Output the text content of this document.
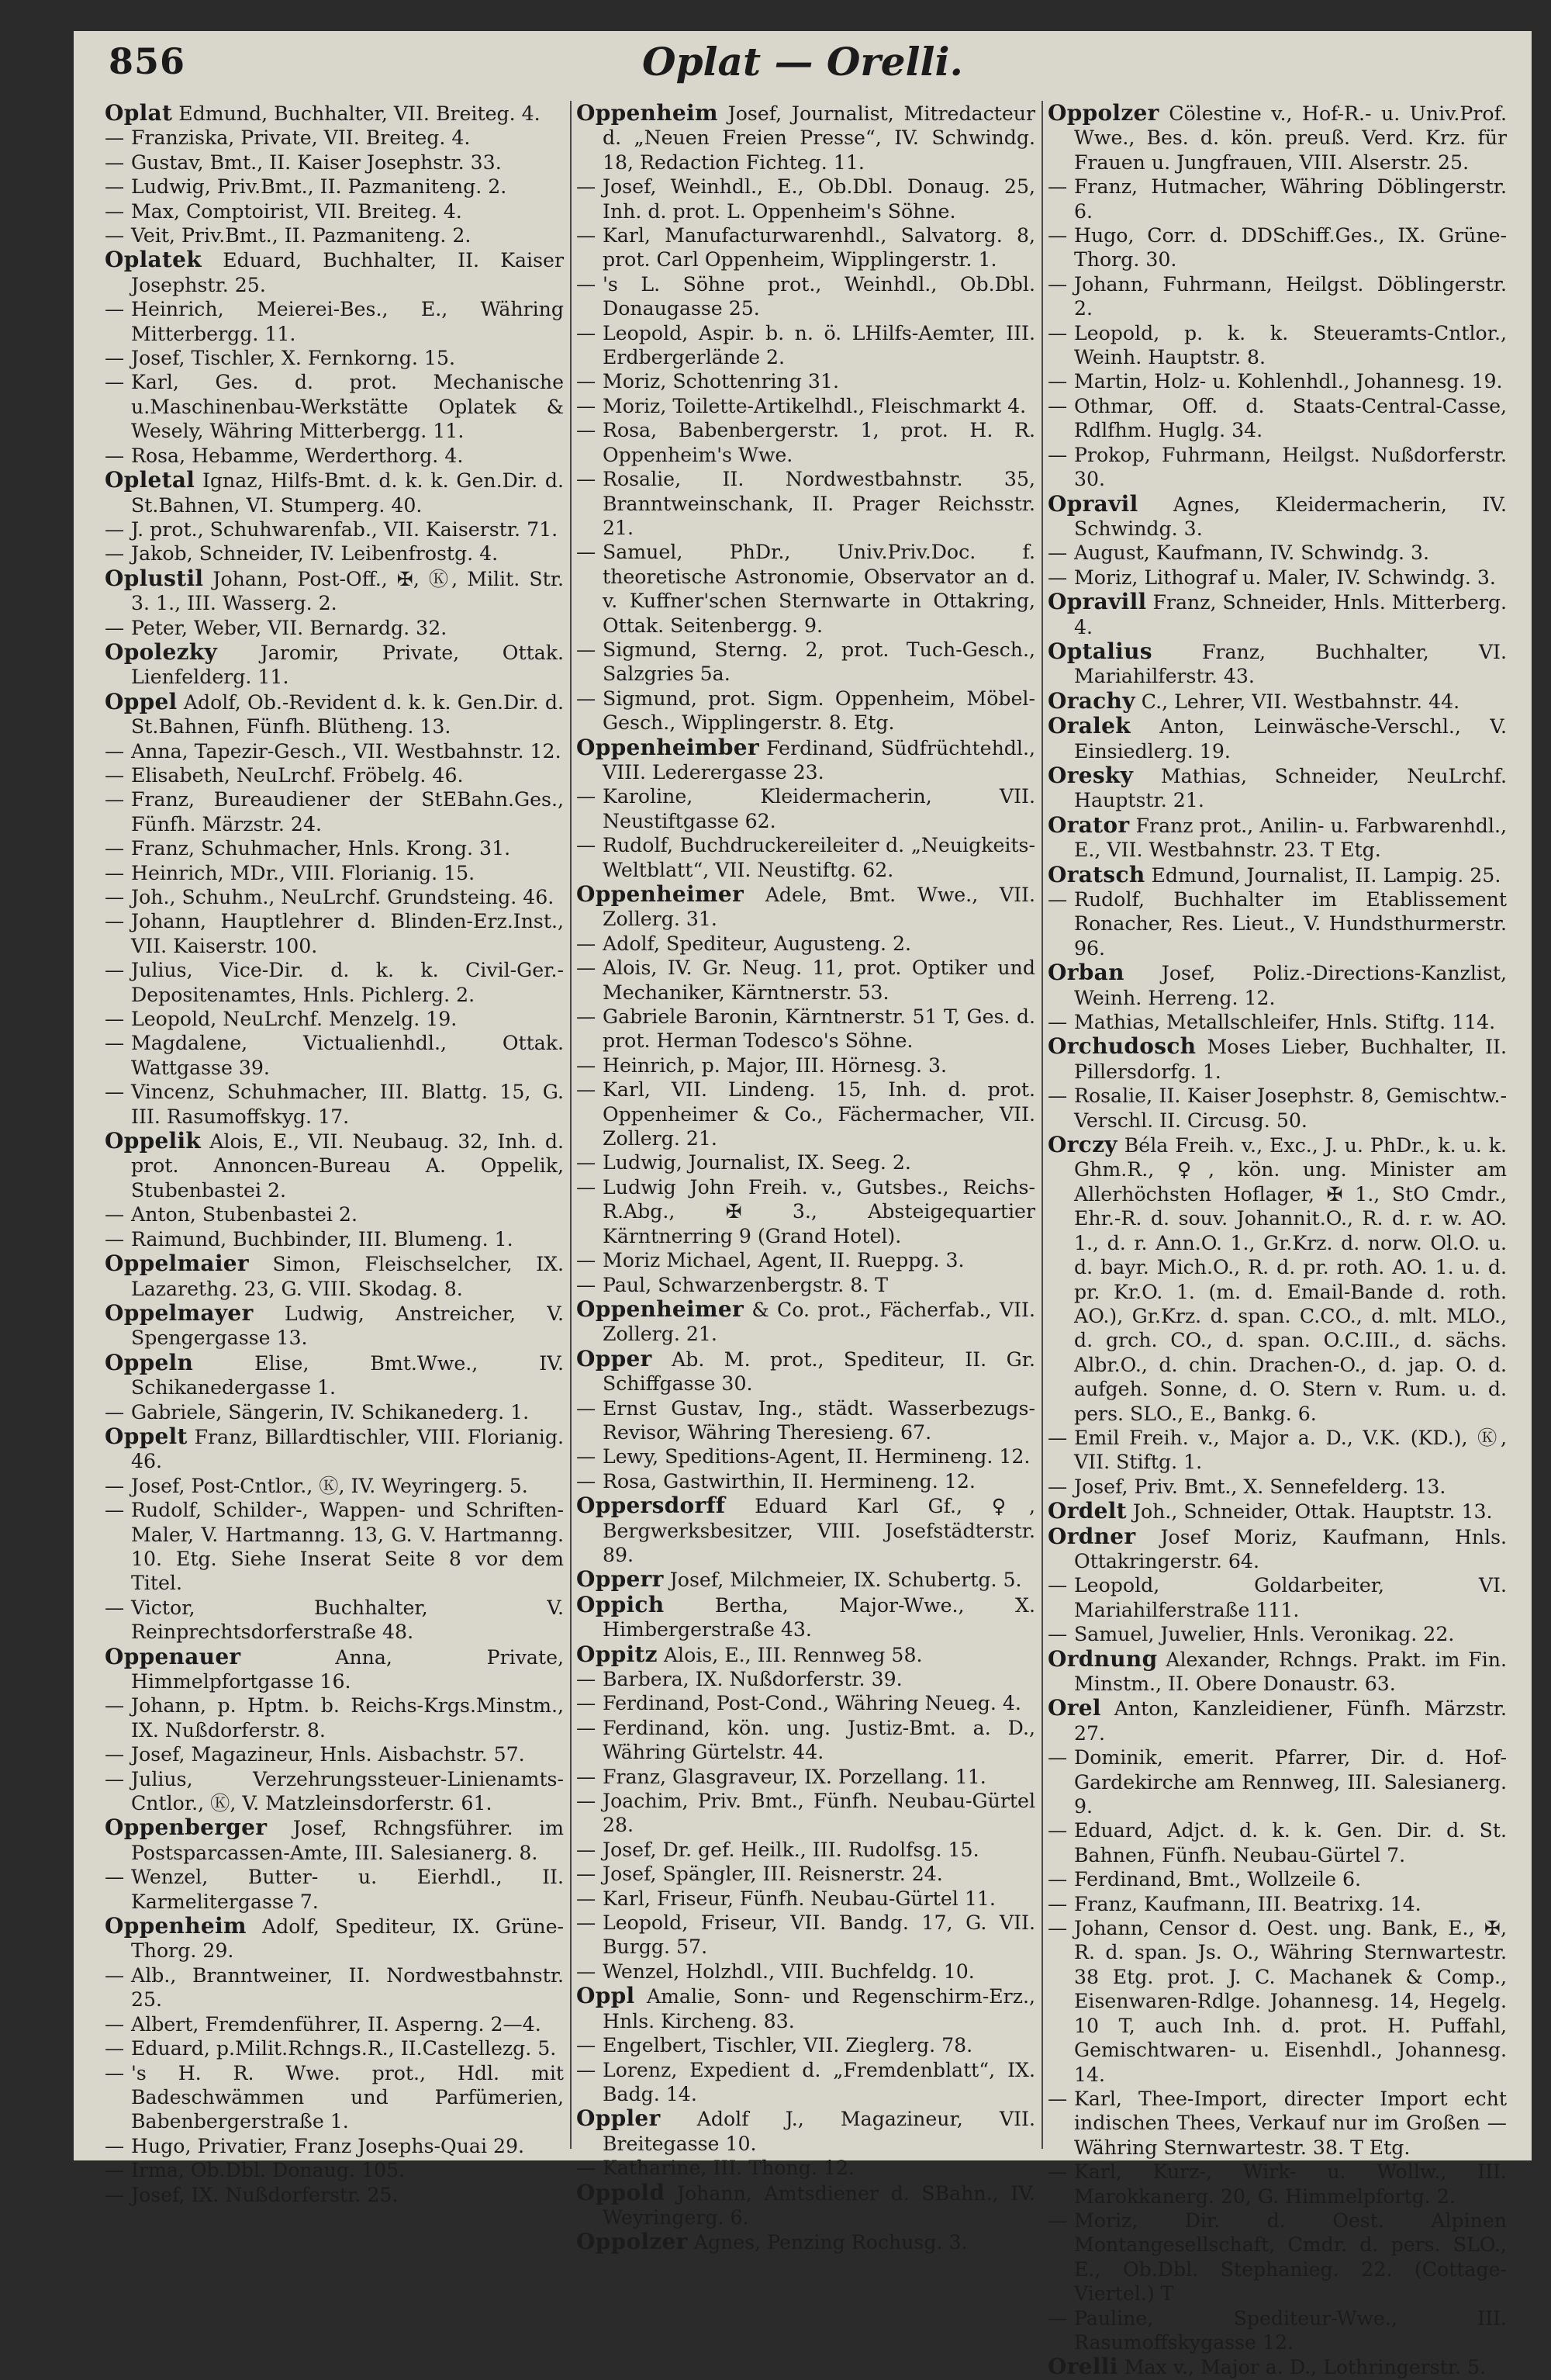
856	Oplat — Orelli.

Oplat Edmund, Buchhalter, VII. Breiteg. 4.

— Franziska, Private, VII. Breiteg. 4.

— Gustav, Bmt., II. Kaiser Josephstr. 33.

— Ludwig, Priv.Bmt., II. Pazmaniteng. 2.

— Max, Comptoirist, VII. Breiteg. 4.

— Veit, Priv.Bmt., II. Pazmaniteng. 2.

Oplatek Eduard, Buchhalter, II. Kaiser Josephstr. 25.

— Heinrich, Meierei-Bes., E., Währing Mitterbergg. 11.

— Josef, Tischler, X. Fernkorng. 15.

— Karl, Ges. d. prot. Mechanische u.Maschinenbau-Werkstätte Oplatek & Wesely, Währing Mitterbergg. 11.

— Rosa, Hebamme, Werderthorg. 4.

Opletal Ignaz, Hilfs-Bmt. d. k. k. Gen.Dir. d. St.Bahnen, VI. Stumperg. 40.

— J. prot., Schuhwarenfab., VII. Kaiserstr. 71.

— Jakob, Schneider, IV. Leibenfrostg. 4.

Oplustil Johann, Post-Off., ✠, Ⓚ, Milit. Str. 3. 1., III. Wasserg. 2.

— Peter, Weber, VII. Bernardg. 32.

Opolezky Jaromir, Private, Ottak. Lienfelderg. 11.

Oppel Adolf, Ob.-Revident d. k. k. Gen.Dir. d. St.Bahnen, Fünfh. Blütheng. 13.

— Anna, Tapezir-Gesch., VII. Westbahnstr. 12.

— Elisabeth, NeuLrchf. Fröbelg. 46.

— Franz, Bureaudiener der StEBahn.Ges., Fünfh. Märzstr. 24.

— Franz, Schuhmacher, Hnls. Krong. 31.

— Heinrich, MDr., VIII. Florianig. 15.

— Joh., Schuhm., NeuLrchf. Grundsteing. 46.

— Johann, Hauptlehrer d. Blinden-Erz.Inst., VII. Kaiserstr. 100.

— Julius, Vice-Dir. d. k. k. Civil-Ger.-Depositenamtes, Hnls. Pichlerg. 2.

— Leopold, NeuLrchf. Menzelg. 19.

— Magdalene, Victualienhdl., Ottak. Wattgasse 39.

— Vincenz, Schuhmacher, III. Blattg. 15, G. III. Rasumoffskyg. 17.

Oppelik Alois, E., VII. Neubaug. 32, Inh. d. prot. Annoncen-Bureau A. Oppelik, Stubenbastei 2.

— Anton, Stubenbastei 2.

— Raimund, Buchbinder, III. Blumeng. 1.

Oppelmaier Simon, Fleischselcher, IX. Lazarethg. 23, G. VIII. Skodag. 8.

Oppelmayer Ludwig, Anstreicher, V. Spengergasse 13.

Oppeln	Elise, Bmt.Wwe., IV. Schikanedergasse 1.

— Gabriele, Sängerin, IV. Schikanederg. 1.

Oppelt Franz, Billardtischler, VIII. Florianig. 46.

— Josef, Post-Cntlor., Ⓚ, IV. Weyringerg. 5.

— Rudolf, Schilder-, Wappen- und Schriften-Maler, V. Hartmanng. 13, G. V. Hartmanng. 10. Etg. Siehe Inserat Seite 8 vor dem Titel.

— Victor, Buchhalter, V. Reinprechtsdorferstraße 48.

Oppenauer	Anna, Private, Himmelpfortgasse 16.

— Johann, p. Hptm. b. Reichs-Krgs.Minstm., IX. Nußdorferstr. 8.

— Josef, Magazineur, Hnls. Aisbachstr. 57.

— Julius, Verzehrungssteuer-Linienamts-Cntlor., Ⓚ, V. Matzleinsdorferstr. 61.

Oppenberger Josef, Rchngsführer. im Postsparcassen-Amte, III. Salesianerg. 8.

— Wenzel, Butter- u. Eierhdl., II. Karmelitergasse 7.

Oppenheim Adolf, Spediteur, IX. Grüne-Thorg. 29.

— Alb., Branntweiner, II. Nordwestbahnstr. 25.

— Albert, Fremdenführer, II. Asperng. 2—4.

— Eduard, p.Milit.Rchngs.R., II.Castellezg. 5.

— 's H. R. Wwe. prot., Hdl. mit Badeschwämmen und Parfümerien, Babenbergerstraße 1.

— Hugo, Privatier, Franz Josephs-Quai 29.

— Irma, Ob.Dbl. Donaug. 105.

— Josef, IX. Nußdorferstr. 25.

Oppenheim Josef, Journalist, Mitredacteur d. „Neuen Freien Presse“, IV. Schwindg. 18, Redaction Fichteg. 11.

— Josef, Weinhdl., E., Ob.Dbl. Donaug. 25, Inh. d. prot. L. Oppenheim's Söhne.

— Karl, Manufacturwarenhdl., Salvatorg. 8, prot. Carl Oppenheim, Wipplingerstr. 1.

— 's L. Söhne prot., Weinhdl., Ob.Dbl. Donaugasse 25.

— Leopold, Aspir. b. n. ö. LHilfs-Aemter, III. Erdbergerlände 2.

— Moriz, Schottenring 31.

— Moriz, Toilette-Artikelhdl., Fleischmarkt 4.

— Rosa, Babenbergerstr. 1, prot. H. R. Oppenheim's Wwe.

— Rosalie, II. Nordwestbahnstr. 35, Branntweinschank, II. Prager Reichsstr. 21.

— Samuel, PhDr., Univ.Priv.Doc. f. theoretische Astronomie, Observator an d. v. Kuffner'schen Sternwarte in Ottakring, Ottak. Seitenbergg. 9.

— Sigmund, Sterng. 2, prot. Tuch-Gesch., Salzgries 5a.

— Sigmund, prot. Sigm. Oppenheim, Möbel-Gesch., Wipplingerstr. 8. Etg.

Oppenheimber Ferdinand, Südfrüchtehdl., VIII. Lederergasse 23.

— Karoline, Kleidermacherin, VII. Neustiftgasse 62.

— Rudolf, Buchdruckereileiter d. „Neuigkeits-Weltblatt“, VII. Neustiftg. 62.

Oppenheimer Adele, Bmt. Wwe., VII. Zollerg. 31.

— Adolf, Spediteur, Augusteng. 2.

— Alois, IV. Gr. Neug. 11, prot. Optiker und Mechaniker, Kärntnerstr. 53.

— Gabriele Baronin, Kärntnerstr. 51 T, Ges. d. prot. Herman Todesco's Söhne.

— Heinrich, p. Major, III. Hörnesg. 3.

— Karl, VII. Lindeng. 15, Inh. d. prot. Oppenheimer & Co., Fächermacher, VII. Zollerg. 21.

— Ludwig, Journalist, IX. Seeg. 2.

— Ludwig John Freih. v., Gutsbes., Reichs-R.Abg., ✠ 3., Absteigequartier Kärntnerring 9 (Grand Hotel).

— Moriz Michael, Agent, II. Rueppg. 3.

— Paul, Schwarzenbergstr. 8. T

Oppenheimer & Co. prot., Fächerfab., VII. Zollerg. 21.

Opper Ab. M. prot., Spediteur, II. Gr. Schiffgasse 30.

— Ernst Gustav, Ing., städt. Wasserbezugs-Revisor, Währing Theresieng. 67.

— Lewy, Speditions-Agent, II. Hermineng. 12.

— Rosa, Gastwirthin, II. Hermineng. 12.

Oppersdorff Eduard Karl Gf., ♀, Bergwerksbesitzer, VIII. Josefstädterstr. 89.

Opperr Josef, Milchmeier, IX. Schubertg. 5.

Oppich	Bertha, Major-Wwe., X. Himbergerstraße 43.

Oppitz Alois, E., III. Rennweg 58.

— Barbera, IX. Nußdorferstr. 39.

— Ferdinand, Post-Cond., Währing Neueg. 4.

— Ferdinand, kön. ung. Justiz-Bmt. a. D., Währing Gürtelstr. 44.

— Franz, Glasgraveur, IX. Porzellang. 11.

— Joachim, Priv. Bmt., Fünfh. Neubau-Gürtel 28.

— Josef, Dr. gef. Heilk., III. Rudolfsg. 15.

— Josef, Spängler, III. Reisnerstr. 24.

— Karl, Friseur, Fünfh. Neubau-Gürtel 11.

— Leopold, Friseur, VII. Bandg. 17, G. VII. Burgg. 57.

— Wenzel, Holzhdl., VIII. Buchfeldg. 10.

Oppl Amalie, Sonn- und Regenschirm-Erz., Hnls. Kircheng. 83.

— Engelbert, Tischler, VII. Zieglerg. 78.

— Lorenz, Expedient d. „Fremdenblatt“, IX. Badg. 14.

Oppler Adolf J., Magazineur, VII. Breitegasse 10.

— Katharine, III. Thong. 12.

Oppold Johann, Amtsdiener d. SBahn., IV. Weyringerg. 6.

Oppolzer Agnes, Penzing Rochusg. 3.

Oppolzer Cölestine v., Hof-R.- u. Univ.Prof. Wwe., Bes. d. kön. preuß. Verd. Krz. für Frauen u. Jungfrauen, VIII. Alserstr. 25.

— Franz, Hutmacher, Währing Döblingerstr. 6.

— Hugo, Corr. d. DDSchiff.Ges., IX. Grüne-Thorg. 30.

— Johann, Fuhrmann, Heilgst. Döblingerstr. 2.

— Leopold, p. k. k. Steueramts-Cntlor., Weinh. Hauptstr. 8.

— Martin, Holz- u. Kohlenhdl., Johannesg. 19.

— Othmar, Off. d. Staats-Central-Casse, Rdlfhm. Huglg. 34.

— Prokop, Fuhrmann, Heilgst. Nußdorferstr. 30.

Opravil Agnes, Kleidermacherin, IV. Schwindg. 3.

— August, Kaufmann, IV. Schwindg. 3.

— Moriz, Lithograf u. Maler, IV. Schwindg. 3.

Opravill Franz, Schneider, Hnls. Mitterberg. 4.

Optalius	Franz, Buchhalter, VI. Mariahilferstr. 43.

Orachy C., Lehrer, VII. Westbahnstr. 44.

Oralek Anton, Leinwäsche-Verschl., V. Einsiedlerg. 19.

Oresky Mathias, Schneider, NeuLrchf. Hauptstr. 21.

Orator Franz prot., Anilin- u. Farbwarenhdl., E., VII. Westbahnstr. 23. T Etg.

Oratsch Edmund, Journalist, II. Lampig. 25.

— Rudolf, Buchhalter im Etablissement Ronacher, Res. Lieut., V. Hundsthurmerstr. 96.

Orban Josef, Poliz.-Directions-Kanzlist, Weinh. Herreng. 12.

— Mathias, Metallschleifer, Hnls. Stiftg. 114.

Orchudosch Moses Lieber, Buchhalter, II. Pillersdorfg. 1.

— Rosalie, II. Kaiser Josephstr. 8, Gemischtw.-Verschl. II. Circusg. 50.

Orczy Béla Freih. v., Exc., J. u. PhDr., k. u. k. Ghm.R., ♀, kön. ung. Minister am Allerhöchsten Hoflager, ✠ 1., StO Cmdr., Ehr.-R. d. souv. Johannit.O., R. d. r. w. AO. 1., d. r. Ann.O. 1., Gr.Krz. d. norw. Ol.O. u. d. bayr. Mich.O., R. d. pr. roth. AO. 1. u. d. pr. Kr.O. 1. (m. d. Email-Bande d. roth. AO.), Gr.Krz. d. span. C.CO., d. mlt. MLO., d. grch. CO., d. span. O.C.III., d. sächs. Albr.O., d. chin. Drachen-O., d. jap. O. d. aufgeh. Sonne, d. O. Stern v. Rum. u. d. pers. SLO., E., Bankg. 6.

— Emil Freih. v., Major a. D., V.K. (KD.), Ⓚ, VII. Stiftg. 1.

— Josef, Priv. Bmt., X. Sennefelderg. 13.

Ordelt Joh., Schneider, Ottak. Hauptstr. 13.

Ordner Josef Moriz, Kaufmann, Hnls. Ottakringerstr. 64.

— Leopold, Goldarbeiter, VI. Mariahilferstraße 111.

— Samuel, Juwelier, Hnls. Veronikag. 22.

Ordnung Alexander, Rchngs. Prakt. im Fin. Minstm., II. Obere Donaustr. 63.

Orel Anton, Kanzleidiener, Fünfh. Märzstr. 27.

— Dominik, emerit. Pfarrer, Dir. d. Hof-Gardekirche am Rennweg, III. Salesianerg. 9.

— Eduard, Adjct. d. k. k. Gen. Dir. d. St. Bahnen, Fünfh. Neubau-Gürtel 7.

— Ferdinand, Bmt., Wollzeile 6.

— Franz, Kaufmann, III. Beatrixg. 14.

— Johann, Censor d. Oest. ung. Bank, E., ✠, R. d. span. Js. O., Währing Sternwartestr. 38 Etg. prot. J. C. Machanek & Comp., Eisenwaren-Rdlge. Johannesg. 14, Hegelg. 10 T, auch Inh. d. prot. H. Puffahl, Gemischtwaren- u. Eisenhdl., Johannesg. 14.

— Karl, Thee-Import, directer Import echt indischen Thees, Verkauf nur im Großen — Währing Sternwartestr. 38. T Etg.

— Karl, Kurz-, Wirk- u. Wollw., III. Marokkanerg. 20, G. Himmelpfortg. 2.

— Moriz, Dir. d. Oest. Alpinen Montangesellschaft, Cmdr. d. pers. SLO., E., Ob.Dbl. Stephanieg. 22. (Cottage-Viertel.) T

— Pauline, Spediteur-Wwe., III. Rasumoffskygasse 12.

Orelli Max v., Major a. D., Lothringerstr. 5.
